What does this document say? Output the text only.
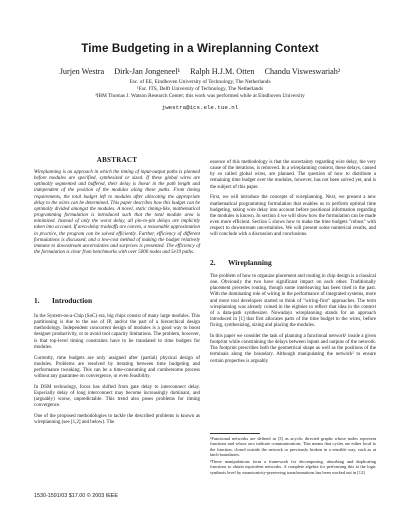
Time Budgeting in a Wireplanning Context
Jurjen Westra Dirk-Jan Jongeneel¹ Ralph H.J.M. Otten Chandu Visweswariah²
Fac. of EE, Eindhoven University of Technology, The Netherlands
¹Fac. ITS, Delft University of Technology, The Netherlands
²IBM Thomas J. Watson Research Center; this work was performed while at Eindhoven University
jwestra@ics.ele.tue.nl
ABSTRACT

Wireplanning is an approach in which the timing of input-output paths is planned before modules are specified, synthesized or sized. If these global wires are optimally segmented and buffered, their delay is linear in the path length and independent of the position of the modules along these paths. From timing requirements, the total budget left to modules after allocating the appropriate delay to the wires can be determined. This paper describes how this budget can be optimally divided amongst the modules. A novel, static timing-like, mathematical programming formulation is introduced such that the total module area is minimized. Instead of only the worst delay, all pin-to-pin delays are implicitly taken into account. If area-delay tradeoffs are convex, a reasonable approximation in practice, the program can be solved efficiently. Further, efficiency of different formulations is discussed, and a low-cost method of making the budget relatively immune to downstream uncertainties and surprises is presented. The efficiency of the formulation is clear from benchmarks with over 5000 nodes and 5e19 paths.

1. Introduction

In the System-on-a-Chip (SoC) era, big chips consist of many large modules. This partitioning is due to the use of IP, and/or the part of a hierarchical design methodology. Independent concurrent design of modules is a good way to boost designer productivity, or to avoid tool capacity limitations. The problem, however, is that top-level timing constraints have to be translated to time budgets for modules.

Currently, time budgets are only assigned after (partial) physical design of modules. Problems are resolved by iterating between time budgeting and performance tweaking. This can be a time-consuming and cumbersome process without any guarantee on convergence, or even feasibility.

In DSM technology, focus has shifted from gate delay to interconnect delay. Especially delay of long interconnect may become increasingly dominant, and (arguably) worse, unpredictable. This trend also poses problems for timing convergence.

One of the proposed methodologies to tackle the described problems is known as wireplanning (see [1,2] and below). The

1530-1591/03 $17.00 © 2003 IEEE

essence of this methodology is that the uncertainty regarding wire delay, the very cause of the iterations, is removed. In a wireplanning context, these delays, caused by so called global wires, are planned. The question of how to distribute a remaining time budget over the modules, however, has not been solved yet, and is the subject of this paper.

First, we will introduce the concepts of wireplanning. Next, we present a new mathematical programming formulation that enables us to perform optimal time budgeting, taking wire delay into account before positional information regarding the modules is known. In section 4 we will show how the formulation can be made even more efficient. Section 5 shows how to make the time budgets "robust" with respect to downstream uncertainties. We will present some numerical results, and will conclude with a discussion and conclusions.

2. Wireplanning

The problem of how to organize placement and routing in chip design is a classical one. Obviously the two have significant impact on each other. Traditionally placement precedes routing, though some interleaving has been tried in the past. With the dominating role of wiring in the performance of integrated systems, more and more tool developers started to think of "wiring-first" approaches. The term wireplanning was already coined in the eighties to reflect that idea in the context of a data-path synthesizer. Nowadays wireplanning stands for an approach introduced in [1] that first allocates parts of the time budget to the wires, before fixing, synthesizing, sizing and placing the modules.

In this paper we consider the task of planning a functional network¹ inside a given footprint while constraining the delays between inputs and outputs of the network. The footprint prescribes both the geometrical shape as well as the positions of the terminals along the boundary. Although manipulating the network² to ensure certain properties is arguably

¹Functional networks are defined in [3] as acyclic directed graphs whose nodes represent functions and whose arcs indicate communications. This means that cycles are either local to the function, closed outside the network or previously broken in a sensible way, such as at latch boundaries.
²These manipulations form a framework for decomposing, absorbing and duplicating functions to obtain equivalent networks. A complete algebra for performing this at the logic synthesis level by monotonicity-preserving transformations has been worked out in [12].
